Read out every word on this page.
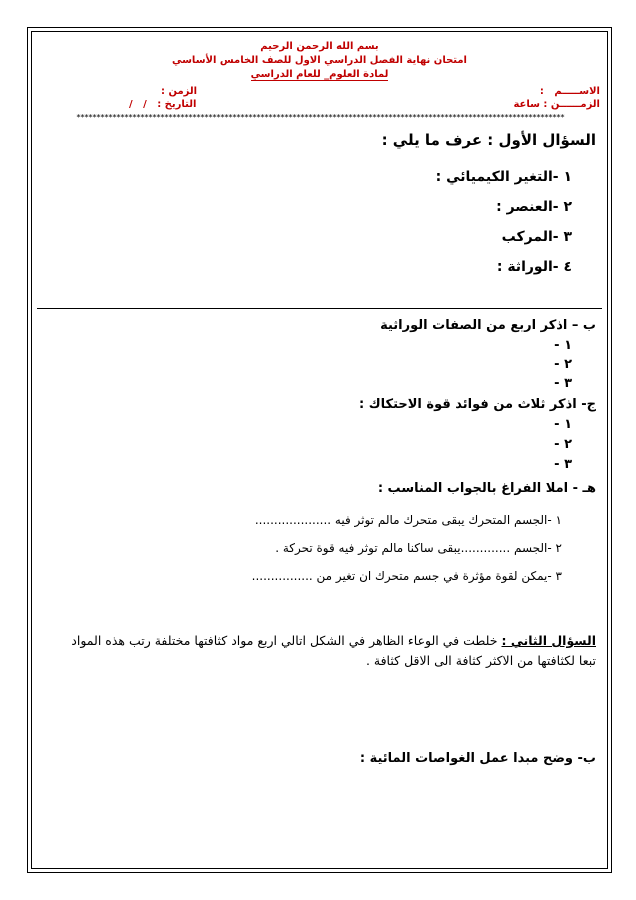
بسم الله الرحمن الرحيم
امتحان نهاية الفصل الدراسي الاول للصف الخامس الأساسي
لمادة العلوم_ للعام الدراسي
الاســـــم   :
الزمن :
الزمــــــن : ساعة
التاريخ :   /   /
**************************************************************************************************************************
السؤال الأول : عرف ما يلي :
١ -التغير الكيميائي :
٢ -العنصر :
٣ -المركب
٤ -الوراثة :
ب – اذكر اربع من الصفات الوراثية
١ -
٢ -
٣ -
ج- اذكر ثلاث من فوائد قوة الاحتكاك :
١ -
٢ -
٣ -
هـ - املا الفراغ بالجواب المناسب :
١ -الجسم المتحرك يبقى متحرك مالم توثر فيه ....................
٢ -الجسم .............يبقى ساكنا مالم توثر فيه قوة تحركة .
٣ -يمكن لقوة مؤثرة في جسم متحرك ان تغير من ................
السؤال الثاني : خلطت في الوعاء الظاهر في الشكل اتالي اربع مواد كثافتها مختلفة رتب هذه المواد تبعا لكثافتها من الاكثر كثافة الى الاقل كثافة .
ب- وضح مبدا عمل الغواصات المائية :
